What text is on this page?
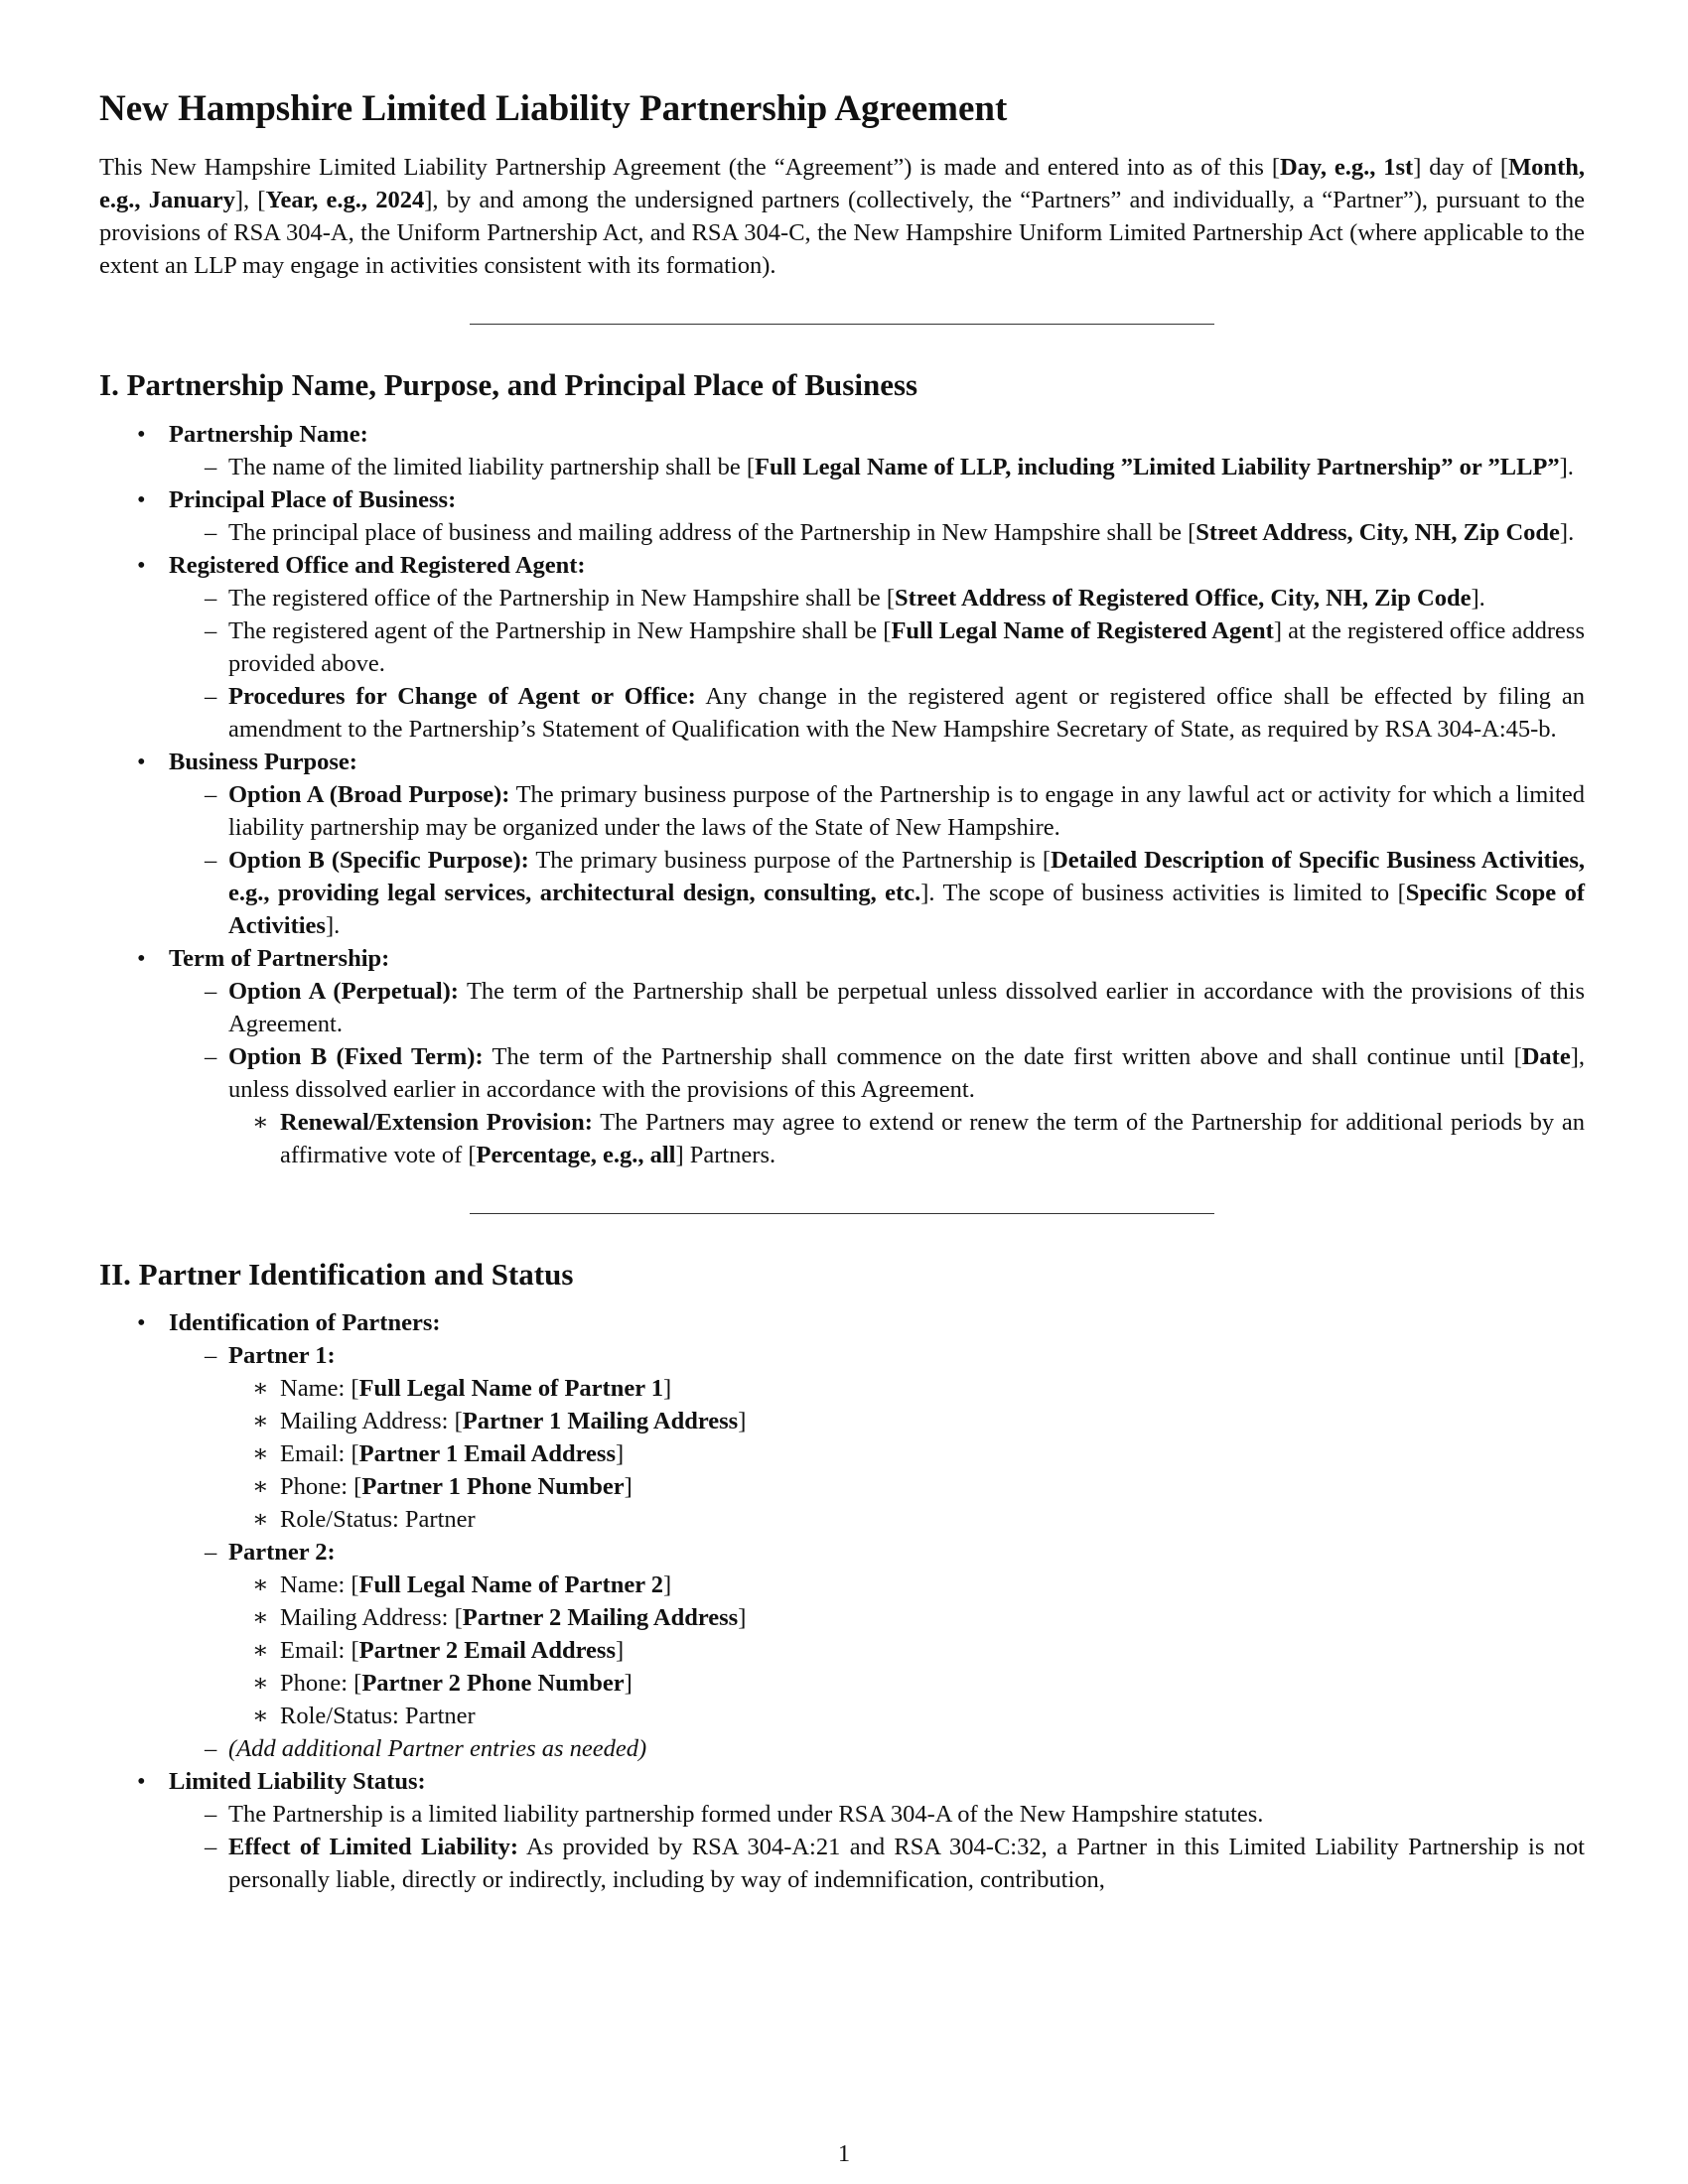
New Hampshire Limited Liability Partnership Agreement

This New Hampshire Limited Liability Partnership Agreement (the “Agreement”) is made and entered into as of this [Day, e.g., 1st] day of [Month, e.g., January], [Year, e.g., 2024], by and among the undersigned partners (collectively, the “Partners” and individually, a “Partner”), pursuant to the provisions of RSA 304-A, the Uniform Partnership Act, and RSA 304-C, the New Hampshire Uniform Limited Partnership Act (where applicable to the extent an LLP may engage in activities consistent with its formation).

I. Partnership Name, Purpose, and Principal Place of Business
• Partnership Name:
– The name of the limited liability partnership shall be [Full Legal Name of LLP, including ”Limited Liability Partnership” or ”LLP”].
• Principal Place of Business:
– The principal place of business and mailing address of the Partnership in New Hampshire shall be [Street Address, City, NH, Zip Code].
• Registered Office and Registered Agent:
– The registered office of the Partnership in New Hampshire shall be [Street Address of Registered Office, City, NH, Zip Code].
– The registered agent of the Partnership in New Hampshire shall be [Full Legal Name of Registered Agent] at the registered office address provided above.
– Procedures for Change of Agent or Office: Any change in the registered agent or registered office shall be effected by filing an amendment to the Partnership’s Statement of Qualification with the New Hampshire Secretary of State, as required by RSA 304-A:45-b.
• Business Purpose:
– Option A (Broad Purpose): The primary business purpose of the Partnership is to engage in any lawful act or activity for which a limited liability partnership may be organized under the laws of the State of New Hampshire.
– Option B (Specific Purpose): The primary business purpose of the Partnership is [Detailed Description of Specific Business Activities, e.g., providing legal services, architectural design, consulting, etc.]. The scope of business activities is limited to [Specific Scope of Activities].
• Term of Partnership:
– Option A (Perpetual): The term of the Partnership shall be perpetual unless dissolved earlier in accordance with the provisions of this Agreement.
– Option B (Fixed Term): The term of the Partnership shall commence on the date first written above and shall continue until [Date], unless dissolved earlier in accordance with the provisions of this Agreement.
∗ Renewal/Extension Provision: The Partners may agree to extend or renew the term of the Partnership for additional periods by an affirmative vote of [Percentage, e.g., all] Partners.
II. Partner Identification and Status
• Identification of Partners:
– Partner 1:
∗ Name: [Full Legal Name of Partner 1]
∗ Mailing Address: [Partner 1 Mailing Address]
∗ Email: [Partner 1 Email Address]
∗ Phone: [Partner 1 Phone Number]
∗ Role/Status: Partner
– Partner 2:
∗ Name: [Full Legal Name of Partner 2]
∗ Mailing Address: [Partner 2 Mailing Address]
∗ Email: [Partner 2 Email Address]
∗ Phone: [Partner 2 Phone Number]
∗ Role/Status: Partner
– (Add additional Partner entries as needed)
• Limited Liability Status:
– The Partnership is a limited liability partnership formed under RSA 304-A of the New Hampshire statutes.
– Effect of Limited Liability: As provided by RSA 304-A:21 and RSA 304-C:32, a Partner in this Limited Liability Partnership is not personally liable, directly or indirectly, including by way of indemnification, contribution,
1
